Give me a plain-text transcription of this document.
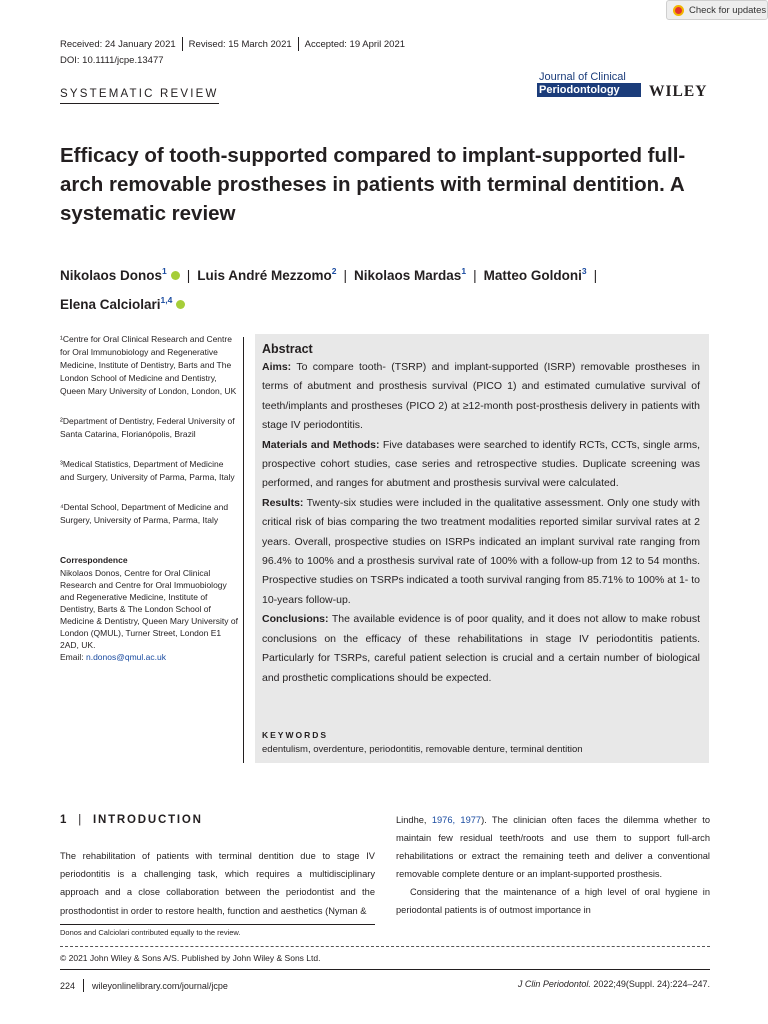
Check for updates
Received: 24 January 2021 Revised: 15 March 2021 Accepted: 19 April 2021
DOI: 10.1111/jcpe.13477
SYSTEMATIC REVIEW
Journal of Clinical
Periodontology	WILEY
Efficacy of tooth-supported compared to implant-supported full-arch removable prostheses in patients with terminal dentition. A systematic review
Nikolaos Donos$^1$ | Luis André Mezzomo$^2$ | Nikolaos Mardas$^1$ | Matteo Goldoni$^3$ |
Elena Calciolari$^{1,4}$
¹Centre for Oral Clinical Research and Centre for Oral Immunobiology and Regenerative Medicine, Institute of Dentistry, Barts and The London School of Medicine and Dentistry, Queen Mary University of London, London, UK
²Department of Dentistry, Federal University of Santa Catarina, Florianópolis, Brazil
³Medical Statistics, Department of Medicine and Surgery, University of Parma, Parma, Italy
⁴Dental School, Department of Medicine and Surgery, University of Parma, Parma, Italy
Correspondence
Nikolaos Donos, Centre for Oral Clinical Research and Centre for Oral Immuobiology and Regenerative Medicine, Institute of Dentistry, Barts & The London School of Medicine & Dentistry, Queen Mary University of London (QMUL), Turner Street, London E1 2AD, UK.
Email: n.donos@qmul.ac.uk
Abstract

Aims: To compare tooth- (TSRP) and implant-supported (ISRP) removable prostheses in terms of abutment and prosthesis survival (PICO 1) and estimated cumulative survival of teeth/implants and prostheses (PICO 2) at ≥12-month post-prosthesis delivery in patients with stage IV periodontitis.

Materials and Methods: Five databases were searched to identify RCTs, CCTs, single arms, prospective cohort studies, case series and retrospective studies. Duplicate screening was performed, and ranges for abutment and prosthesis survival were calculated.

Results: Twenty-six studies were included in the qualitative assessment. Only one study with critical risk of bias comparing the two treatment modalities reported similar survival rates at 2 years. Overall, prospective studies on ISRPs indicated an implant survival rate ranging from 96.4% to 100% and a prosthesis survival rate of 100% with a follow-up from 12 to 54 months. Prospective studies on TSRPs indicated a tooth survival ranging from 85.71% to 100% at 1- to 10-years follow-up.

Conclusions: The available evidence is of poor quality, and it does not allow to make robust conclusions on the efficacy of these rehabilitations in stage IV periodontitis patients. Particularly for TSRPs, careful patient selection is crucial and a certain number of biological and prosthetic complications should be expected.

KEYWORDS
edentulism, overdenture, periodontitis, removable denture, terminal dentition
1 | INTRODUCTION
The rehabilitation of patients with terminal dentition due to stage IV periodontitis is a challenging task, which requires a multidisciplinary approach and a close collaboration between the periodontist and the prosthodontist in order to restore health, function and aesthetics (Nyman &

Lindhe, 1976, 1977). The clinician often faces the dilemma whether to maintain few residual teeth/roots and use them to support full-arch rehabilitations or extract the remaining teeth and deliver a conventional removable complete denture or an implant-supported prosthesis.

Considering that the maintenance of a high level of oral hygiene in periodontal patients is of outmost importance in

Donos and Calciolari contributed equally to the review.
© 2021 John Wiley & Sons A/S. Published by John Wiley & Sons Ltd.
224 wileyonlinelibrary.com/journal/jcpe	J Clin Periodontol. 2022;49(Suppl. 24):224–247.
